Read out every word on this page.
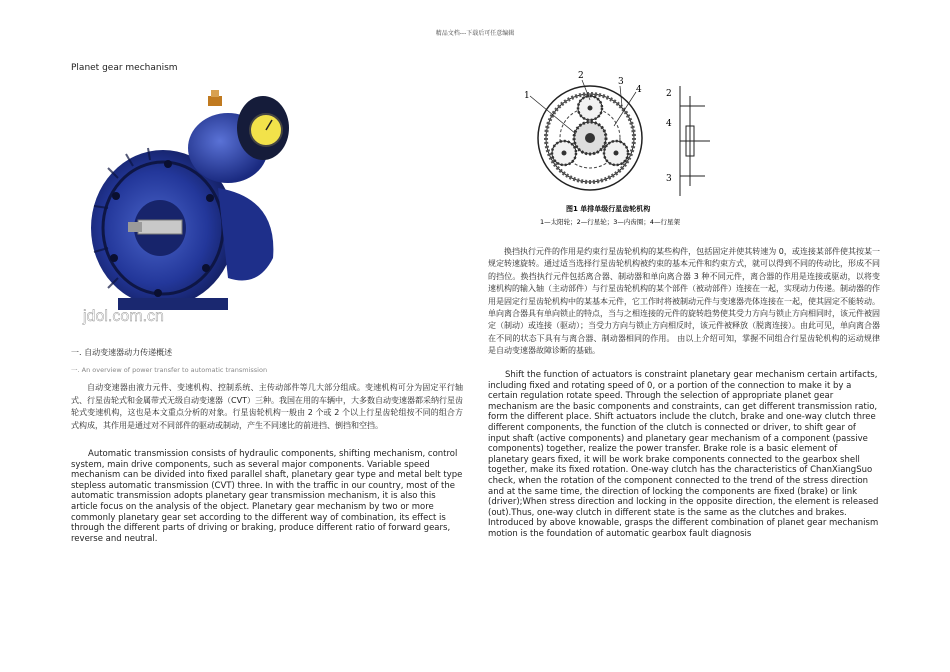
精品文档---下载后可任意编辑
Planet gear mechanism
jdol.com.cn
一. 自动变速器动力传递概述
一. An overview of power transfer to automatic transmission

自动变速器由液力元件、变速机构、控制系统、主传动部件等几大部分组成。变速机构可分为固定平行轴式、行星齿轮式和金属带式无级自动变速器（CVT）三种。我国在用的车辆中，大多数自动变速器都采纳行星齿轮式变速机构，这也是本文重点分析的对象。行星齿轮机构一般由 2 个或 2 个以上行星齿轮组按不同的组合方式构成，其作用是通过对不同部件的驱动或制动，产生不同速比的前进挡、倒挡和空挡。

Automatic transmission consists of hydraulic components, shifting mechanism, control system, main drive components, such as several major components. Variable speed mechanism can be divided into fixed parallel shaft, planetary gear type and metal belt type stepless automatic transmission (CVT) three. In with the traffic in our country, most of the automatic transmission adopts planetary gear transmission mechanism, it is also this article focus on the analysis of the object. Planetary gear mechanism by two or more commonly planetary gear set according to the different way of combination, its effect is through the different parts of driving or braking, produce different ratio of forward gears, reverse and neutral.

1
2
3
4	2
4
3
图1 单排单级行星齿轮机构
1—太阳轮；2—行星轮；3—内齿圈；4—行星架

换挡执行元件的作用是约束行星齿轮机构的某些构件，包括固定并使其转速为 0，或连接某部件使其按某一规定转速旋转。通过适当选择行星齿轮机构被约束的基本元件和约束方式，就可以得到不同的传动比，形成不同的挡位。换挡执行元件包括离合器、制动器和单向离合器 3 种不同元件，离合器的作用是连接或驱动，以将变速机构的输入轴（主动部件）与行星齿轮机构的某个部件（被动部件）连接在一起，实现动力传递。制动器的作用是固定行星齿轮机构中的某基本元件，它工作时将被制动元件与变速器壳体连接在一起，使其固定不能转动。单向离合器具有单向锁止的特点，当与之相连接的元件的旋转趋势使其受力方向与锁止方向相同时，该元件被固定（制动）或连接（驱动）；当受力方向与锁止方向相反时，该元件被释放（脱离连接）。由此可见，单向离合器在不同的状态下具有与离合器、制动器相同的作用。 由以上介绍可知，掌握不同组合行星齿轮机构的运动规律是自动变速器故障诊断的基础。

Shift the function of actuators is constraint planetary gear mechanism certain artifacts, including fixed and rotating speed of 0, or a portion of the connection to make it by a certain regulation rotate speed. Through the selection of appropriate planet gear mechanism are the basic components and constraints, can get different transmission ratio, form the different place. Shift actuators include the clutch, brake and one-way clutch three different components, the function of the clutch is connected or driver, to shift gear of input shaft (active components) and planetary gear mechanism of a component (passive components) together, realize the power transfer. Brake role is a basic element of planetary gears fixed, it will be work brake components connected to the gearbox shell together, make its fixed rotation. One-way clutch has the characteristics of ChanXiangSuo check, when the rotation of the component connected to the trend of the stress direction and at the same time, the direction of locking the components are fixed (brake) or link (driver);When stress direction and locking in the opposite direction, the element is released (out).Thus, one-way clutch in different state is the same as the clutches and brakes. Introduced by above knowable, grasps the different combination of planet gear mechanism motion is the foundation of automatic gearbox fault diagnosis
